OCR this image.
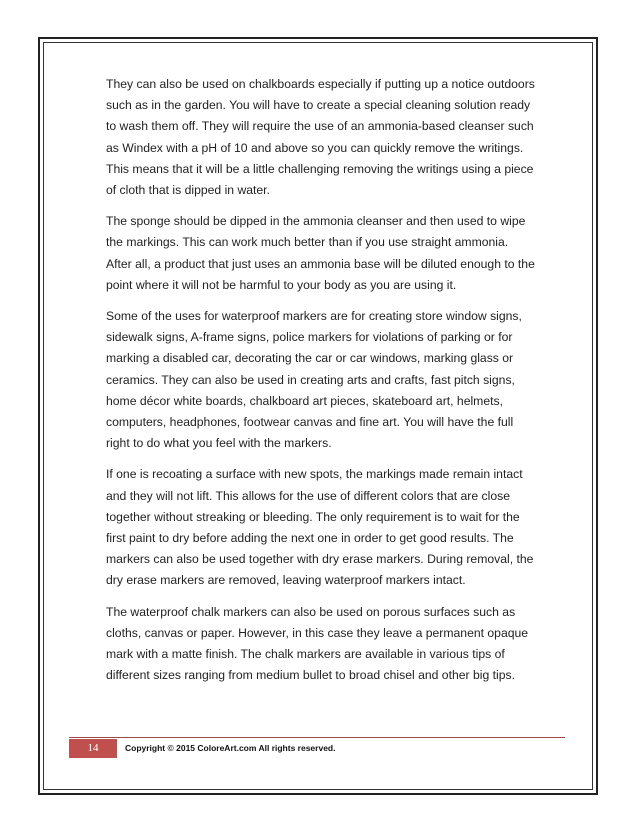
They can also be used on chalkboards especially if putting up a notice outdoors such as in the garden. You will have to create a special cleaning solution ready to wash them off. They will require the use of an ammonia-based cleanser such as Windex with a pH of 10 and above so you can quickly remove the writings. This means that it will be a little challenging removing the writings using a piece of cloth that is dipped in water.

The sponge should be dipped in the ammonia cleanser and then used to wipe the markings. This can work much better than if you use straight ammonia. After all, a product that just uses an ammonia base will be diluted enough to the point where it will not be harmful to your body as you are using it.

Some of the uses for waterproof markers are for creating store window signs, sidewalk signs, A-frame signs, police markers for violations of parking or for marking a disabled car, decorating the car or car windows, marking glass or ceramics. They can also be used in creating arts and crafts, fast pitch signs, home décor white boards, chalkboard art pieces, skateboard art, helmets, computers, headphones, footwear canvas and fine art. You will have the full right to do what you feel with the markers.

If one is recoating a surface with new spots, the markings made remain intact and they will not lift. This allows for the use of different colors that are close together without streaking or bleeding. The only requirement is to wait for the first paint to dry before adding the next one in order to get good results. The markers can also be used together with dry erase markers. During removal, the dry erase markers are removed, leaving waterproof markers intact.

The waterproof chalk markers can also be used on porous surfaces such as cloths, canvas or paper. However, in this case they leave a permanent opaque mark with a matte finish. The chalk markers are available in various tips of different sizes ranging from medium bullet to broad chisel and other big tips.

14	Copyright © 2015 ColoreArt.com All rights reserved.
